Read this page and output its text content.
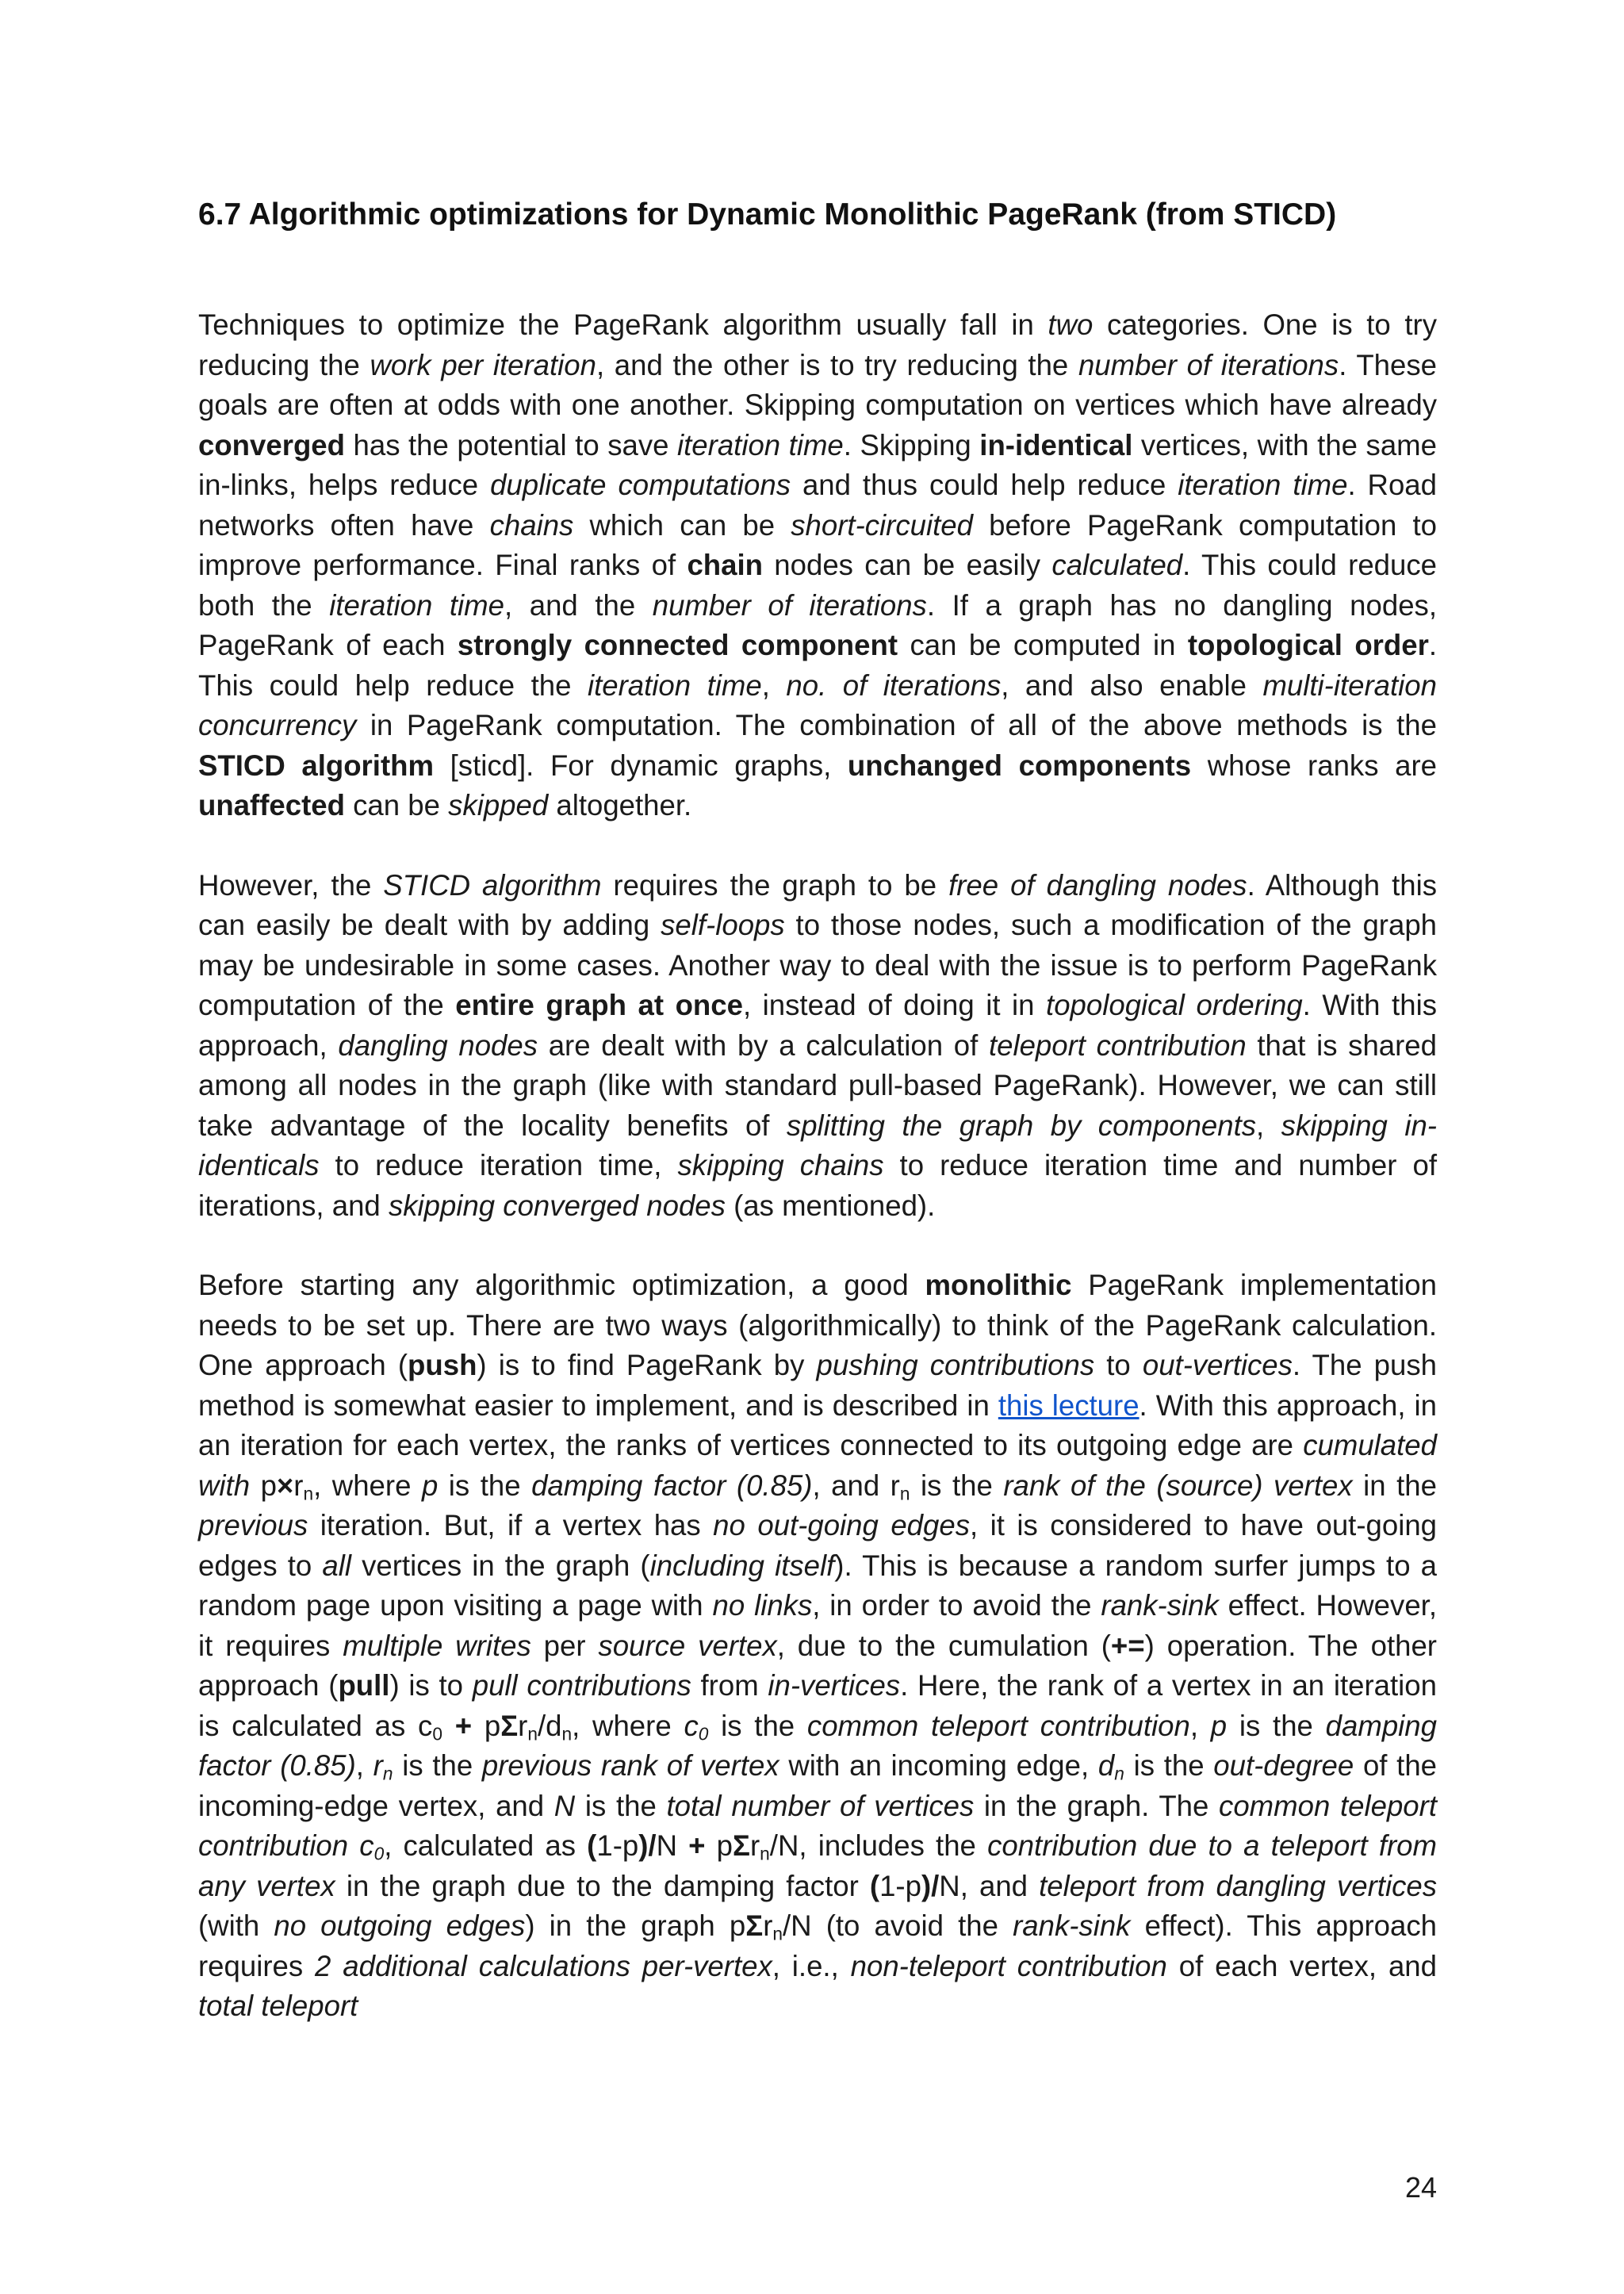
6.7 Algorithmic optimizations for Dynamic Monolithic PageRank (from STICD)

Techniques to optimize the PageRank algorithm usually fall in two categories. One is to try reducing the work per iteration, and the other is to try reducing the number of iterations. These goals are often at odds with one another. Skipping computation on vertices which have already converged has the potential to save iteration time. Skipping in-identical vertices, with the same in-links, helps reduce duplicate computations and thus could help reduce iteration time. Road networks often have chains which can be short-circuited before PageRank computation to improve performance. Final ranks of chain nodes can be easily calculated. This could reduce both the iteration time, and the number of iterations. If a graph has no dangling nodes, PageRank of each strongly connected component can be computed in topological order. This could help reduce the iteration time, no. of iterations, and also enable multi-iteration concurrency in PageRank computation. The combination of all of the above methods is the STICD algorithm [sticd]. For dynamic graphs, unchanged components whose ranks are unaffected can be skipped altogether.

However, the STICD algorithm requires the graph to be free of dangling nodes. Although this can easily be dealt with by adding self-loops to those nodes, such a modification of the graph may be undesirable in some cases. Another way to deal with the issue is to perform PageRank computation of the entire graph at once, instead of doing it in topological ordering. With this approach, dangling nodes are dealt with by a calculation of teleport contribution that is shared among all nodes in the graph (like with standard pull-based PageRank). However, we can still take advantage of the locality benefits of splitting the graph by components, skipping in-identicals to reduce iteration time, skipping chains to reduce iteration time and number of iterations, and skipping converged nodes (as mentioned).

Before starting any algorithmic optimization, a good monolithic PageRank implementation needs to be set up. There are two ways (algorithmically) to think of the PageRank calculation. One approach (push) is to find PageRank by pushing contributions to out-vertices. The push method is somewhat easier to implement, and is described in this lecture. With this approach, in an iteration for each vertex, the ranks of vertices connected to its outgoing edge are cumulated with $p\times r_n$, where p is the damping factor (0.85), and $r_n$ is the rank of the (source) vertex in the previous iteration. But, if a vertex has no out-going edges, it is considered to have out-going edges to all vertices in the graph (including itself). This is because a random surfer jumps to a random page upon visiting a page with no links, in order to avoid the rank-sink effect. However, it requires multiple writes per source vertex, due to the cumulation (+=) operation. The other approach (pull) is to pull contributions from in-vertices. Here, the rank of a vertex in an iteration is calculated as $c_0 + p\Sigma r_n/d_n$, where $c_0$ is the common teleport contribution, p is the damping factor (0.85), $r_n$ is the previous rank of vertex with an incoming edge, $d_n$ is the out-degree of the incoming-edge vertex, and N is the total number of vertices in the graph. The common teleport contribution $c_0$, calculated as (1-p)/N + pΣr$_n$/N, includes the contribution due to a teleport from any vertex in the graph due to the damping factor (1-p)/N, and teleport from dangling vertices (with no outgoing edges) in the graph pΣr$_n$/N (to avoid the rank-sink effect). This approach requires 2 additional calculations per-vertex, i.e., non-teleport contribution of each vertex, and total teleport

24
